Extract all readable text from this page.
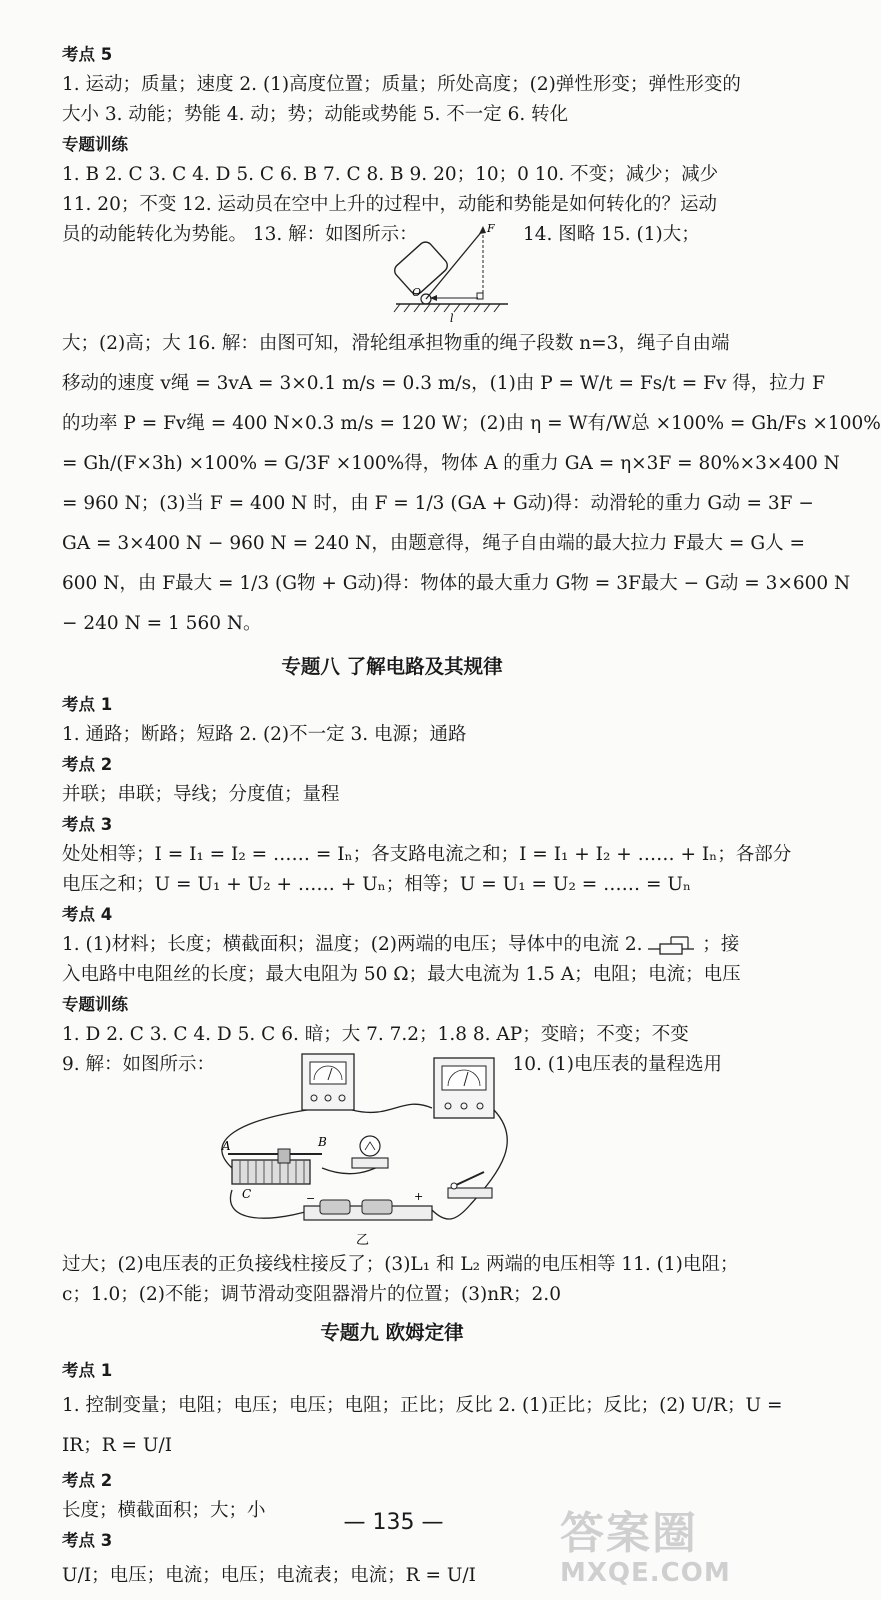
考点 5
1. 运动；质量；速度 2. (1)高度位置；质量；所处高度；(2)弹性形变；弹性形变的
大小 3. 动能；势能 4. 动；势；动能或势能 5. 不一定 6. 转化
专题训练
1. B 2. C 3. C 4. D 5. C 6. B 7. C 8. B 9. 20；10；0 10. 不变；减少；减少
11. 20；不变 12. 运动员在空中上升的过程中，动能和势能是如何转化的？运动
员的动能转化为势能。 13. 解：如图所示：	F
O
l
14. 图略 15. (1)大；
大；(2)高；大 16. 解：由图可知，滑轮组承担物重的绳子段数 n=3，绳子自由端
移动的速度 v绳 = 3vA = 3×0.1 m/s = 0.3 m/s，(1)由 P = W/t = Fs/t = Fv 得，拉力 F
的功率 P = Fv绳 = 400 N×0.3 m/s = 120 W；(2)由 η = W有/W总 ×100% = Gh/Fs ×100%
= Gh/(F×3h) ×100% = G/3F ×100%得，物体 A 的重力 GA = η×3F = 80%×3×400 N
= 960 N；(3)当 F = 400 N 时，由 F = 1/3 (GA + G动)得：动滑轮的重力 G动 = 3F −
GA = 3×400 N − 960 N = 240 N，由题意得，绳子自由端的最大拉力 F最大 = G人 =
600 N，由 F最大 = 1/3 (G物 + G动)得：物体的最大重力 G物 = 3F最大 − G动 = 3×600 N
− 240 N = 1 560 N。
专题八 了解电路及其规律
考点 1
1. 通路；断路；短路 2. (2)不一定 3. 电源；通路
考点 2
并联；串联；导线；分度值；量程
考点 3
处处相等；I = I₁ = I₂ = …… = Iₙ；各支路电流之和；I = I₁ + I₂ + …… + Iₙ；各部分
电压之和；U = U₁ + U₂ + …… + Uₙ；相等；U = U₁ = U₂ = …… = Uₙ
考点 4
1. (1)材料；长度；横截面积；温度；(2)两端的电压；导体中的电流 2.	；接
入电路中电阻丝的长度；最大电阻为 50 Ω；最大电流为 1.5 A；电阻；电流；电压
专题训练
1. D 2. C 3. C 4. D 5. C 6. 暗；大 7. 7.2；1.8 8. AP；变暗；不变；不变
9. 解：如图所示：
A	B
C	−	+
乙
10. (1)电压表的量程选用
过大；(2)电压表的正负接线柱接反了；(3)L₁ 和 L₂ 两端的电压相等 11. (1)电阻；
c；1.0；(2)不能；调节滑动变阻器滑片的位置；(3)nR；2.0
专题九 欧姆定律
考点 1
1. 控制变量；电阻；电压；电压；电阻；正比；反比 2. (1)正比；反比；(2) U/R；U =
IR；R = U/I
考点 2
长度；横截面积；大；小
考点 3
U/I；电压；电流；电压；电流表；电流；R = U/I
— 135 —	答案圈
MXQE.COM
